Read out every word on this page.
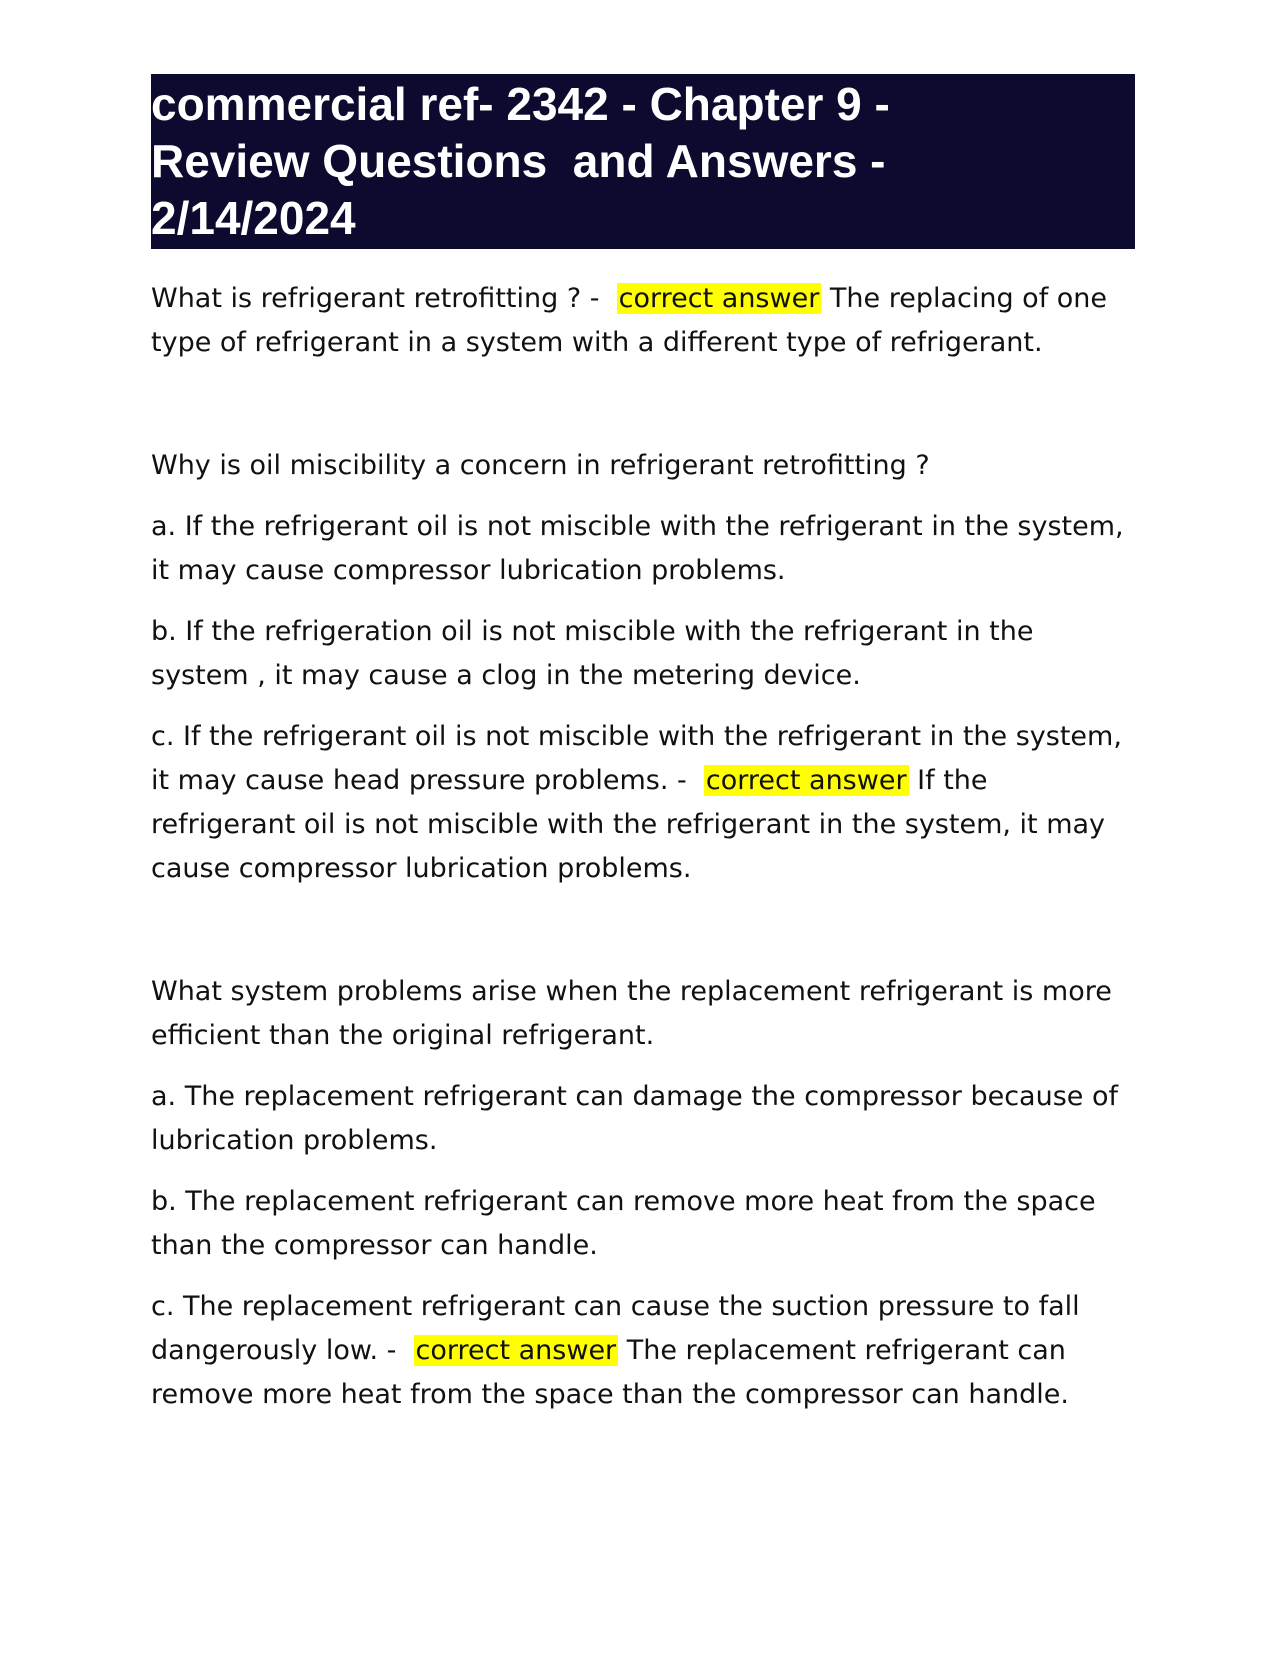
commercial ref- 2342 - Chapter 9 -
Review Questions  and Answers -
2/14/2024

What is refrigerant retrofitting ? -  correct answer The replacing of one type of refrigerant in a system with a different type of refrigerant.

Why is oil miscibility a concern in refrigerant retrofitting ?

a. If the refrigerant oil is not miscible with the refrigerant in the system, it may cause compressor lubrication problems.

b. If the refrigeration oil is not miscible with the refrigerant in the system , it may cause a clog in the metering device.

c. If the refrigerant oil is not miscible with the refrigerant in the system, it may cause head pressure problems. -  correct answer If the refrigerant oil is not miscible with the refrigerant in the system, it may cause compressor lubrication problems.

What system problems arise when the replacement refrigerant is more efficient than the original refrigerant.

a. The replacement refrigerant can damage the compressor because of lubrication problems.

b. The replacement refrigerant can remove more heat from the space than the compressor can handle.

c. The replacement refrigerant can cause the suction pressure to fall dangerously low. -  correct answer The replacement refrigerant can remove more heat from the space than the compressor can handle.
